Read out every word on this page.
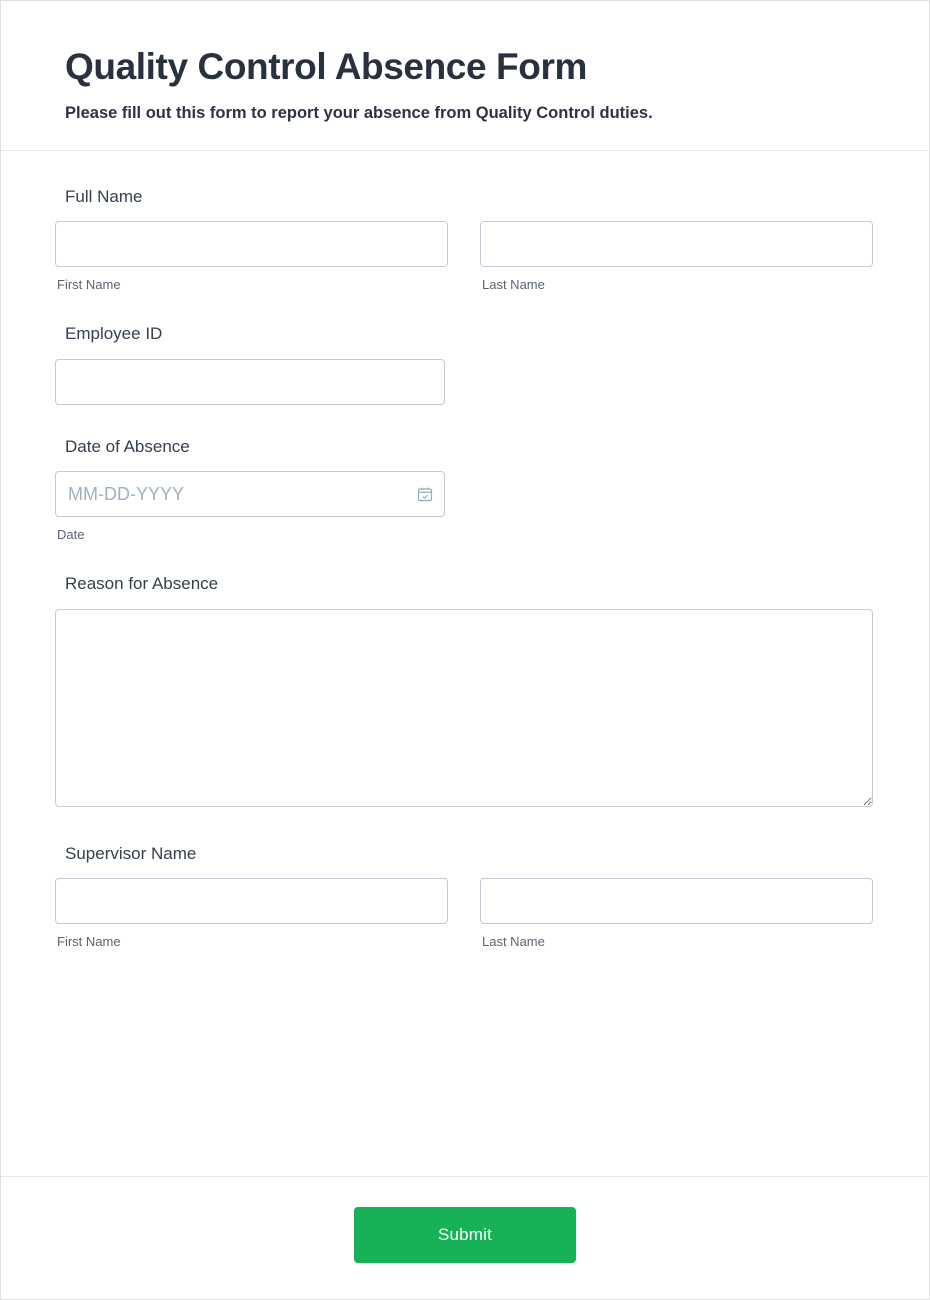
Quality Control Absence Form

Please fill out this form to report your absence from Quality Control duties.

Full Name
First Name	Last Name
Employee ID
Date of Absence
MM-DD-YYYY
Date
Reason for Absence
Supervisor Name
First Name	Last Name
Submit
